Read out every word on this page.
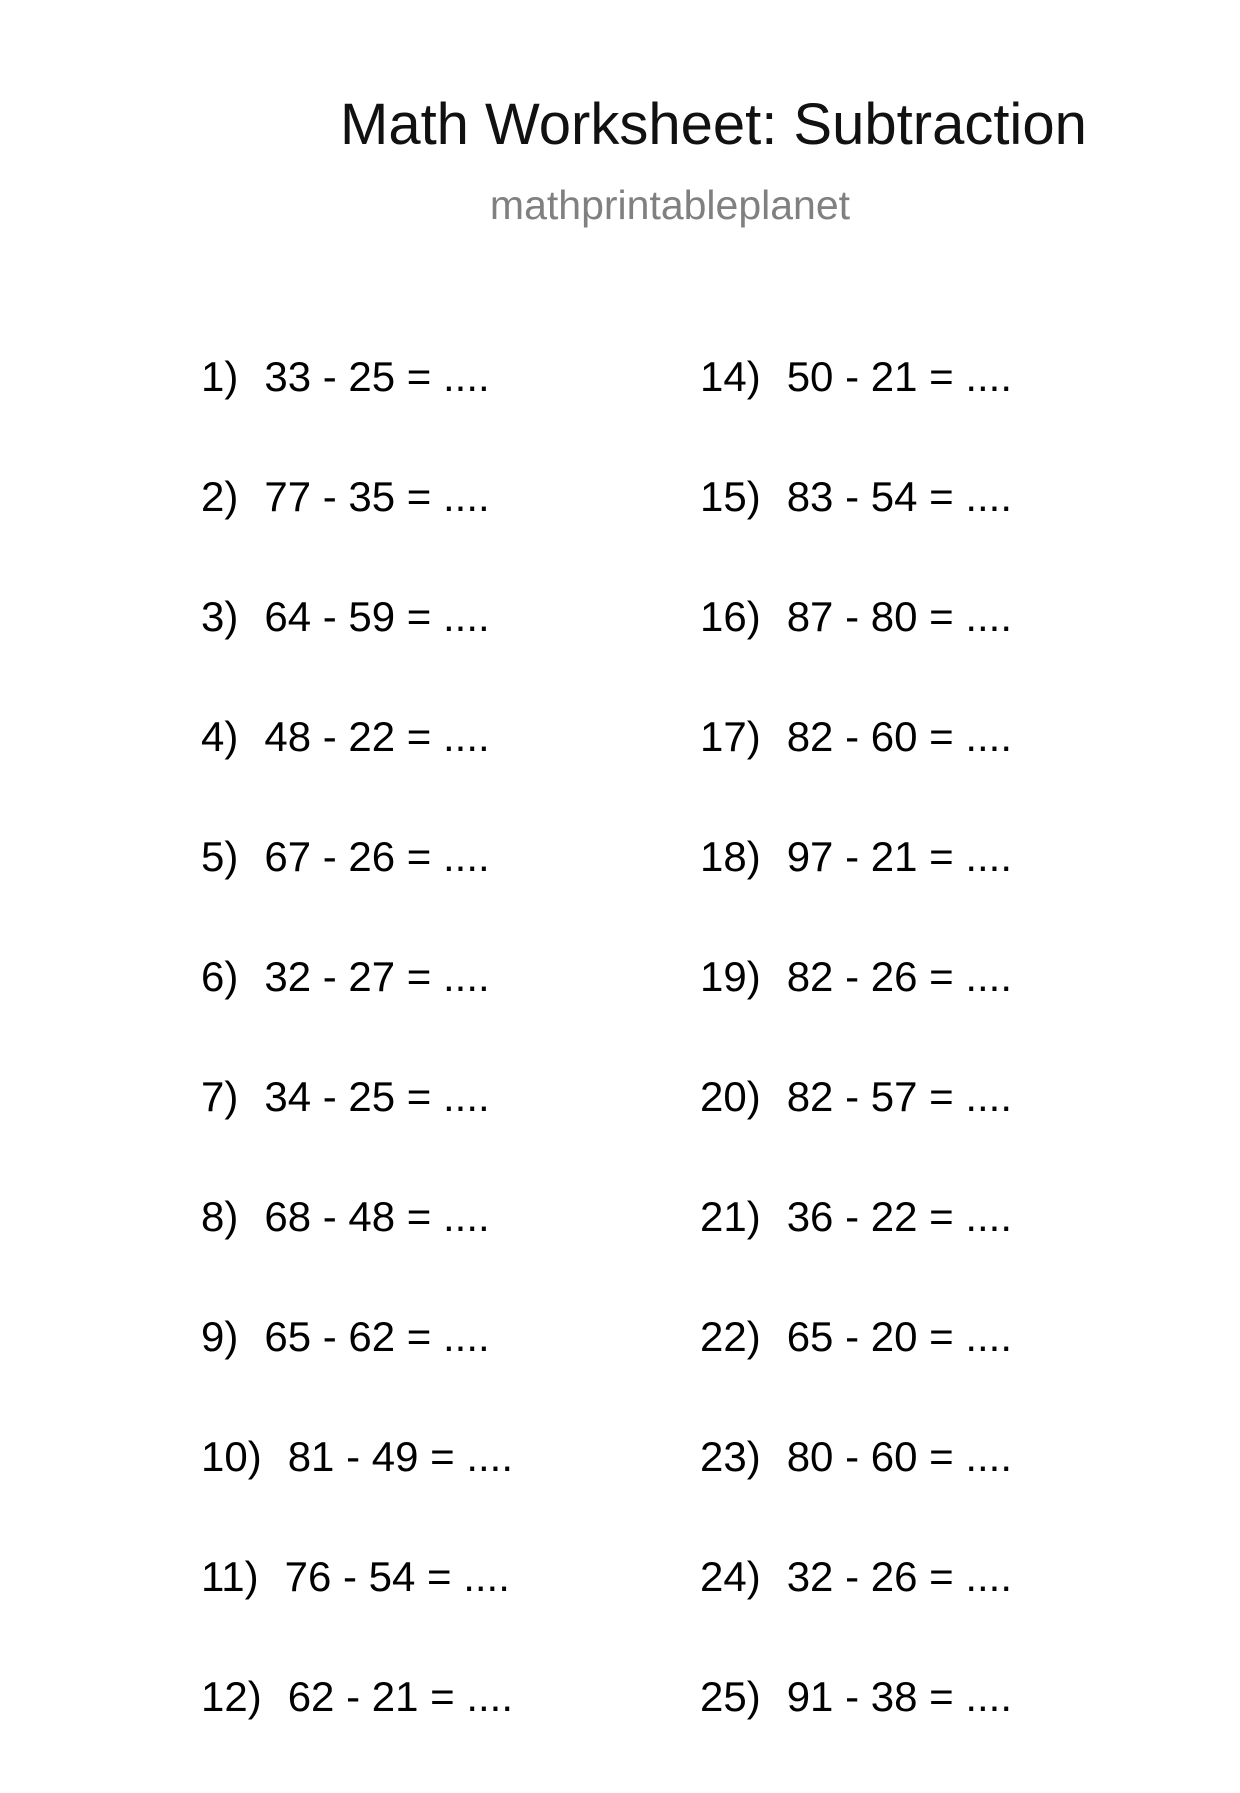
Math Worksheet: Subtraction
mathprintableplanet
1) 33 - 25 = ....
2) 77 - 35 = ....
3) 64 - 59 = ....
4) 48 - 22 = ....
5) 67 - 26 = ....
6) 32 - 27 = ....
7) 34 - 25 = ....
8) 68 - 48 = ....
9) 65 - 62 = ....
10) 81 - 49 = ....
11) 76 - 54 = ....
12) 62 - 21 = ....
14) 50 - 21 = ....
15) 83 - 54 = ....
16) 87 - 80 = ....
17) 82 - 60 = ....
18) 97 - 21 = ....
19) 82 - 26 = ....
20) 82 - 57 = ....
21) 36 - 22 = ....
22) 65 - 20 = ....
23) 80 - 60 = ....
24) 32 - 26 = ....
25) 91 - 38 = ....
